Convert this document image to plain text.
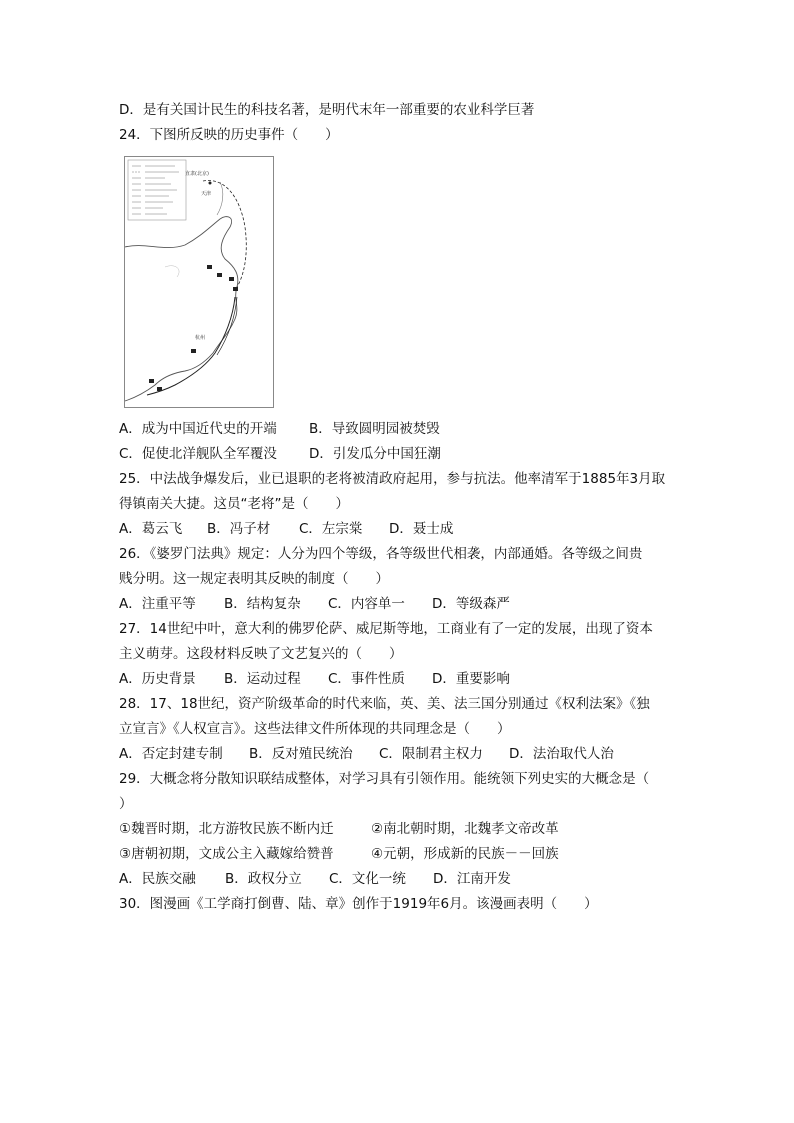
D．是有关国计民生的科技名著，是明代末年一部重要的农业科学巨著
24．下图所反映的历史事件（　　）
直隶(北京)
天津
杭州
A．成为中国近代史的开端 B．导致圆明园被焚毁
C．促使北洋舰队全军覆没 D．引发瓜分中国狂潮
25．中法战争爆发后，业已退职的老将被清政府起用，参与抗法。他率清军于1885年3月取
得镇南关大捷。这员“老将”是（　　）
A．葛云飞 B．冯子材 C．左宗棠 D．聂士成
26．《婆罗门法典》规定：人分为四个等级，各等级世代相袭，内部通婚。各等级之间贵
贱分明。这一规定表明其反映的制度（　　）
A．注重平等 B．结构复杂 C．内容单一 D．等级森严
27．14世纪中叶，意大利的佛罗伦萨、威尼斯等地，工商业有了一定的发展，出现了资本
主义萌芽。这段材料反映了文艺复兴的（　　）
A．历史背景 B．运动过程 C．事件性质 D．重要影响
28．17、18世纪，资产阶级革命的时代来临，英、美、法三国分别通过《权利法案》《独
立宣言》《人权宣言》。这些法律文件所体现的共同理念是（　　）
A．否定封建专制 B．反对殖民统治 C．限制君主权力 D．法治取代人治
29．大概念将分散知识联结成整体，对学习具有引领作用。能统领下列史实的大概念是（
）
①魏晋时期，北方游牧民族不断内迁	②南北朝时期，北魏孝文帝改革
③唐朝初期，文成公主入藏嫁给赞普	④元朝，形成新的民族－－回族
A．民族交融 B．政权分立 C．文化一统 D．江南开发
30．图漫画《工学商打倒曹、陆、章》创作于1919年6月。该漫画表明（　　）
